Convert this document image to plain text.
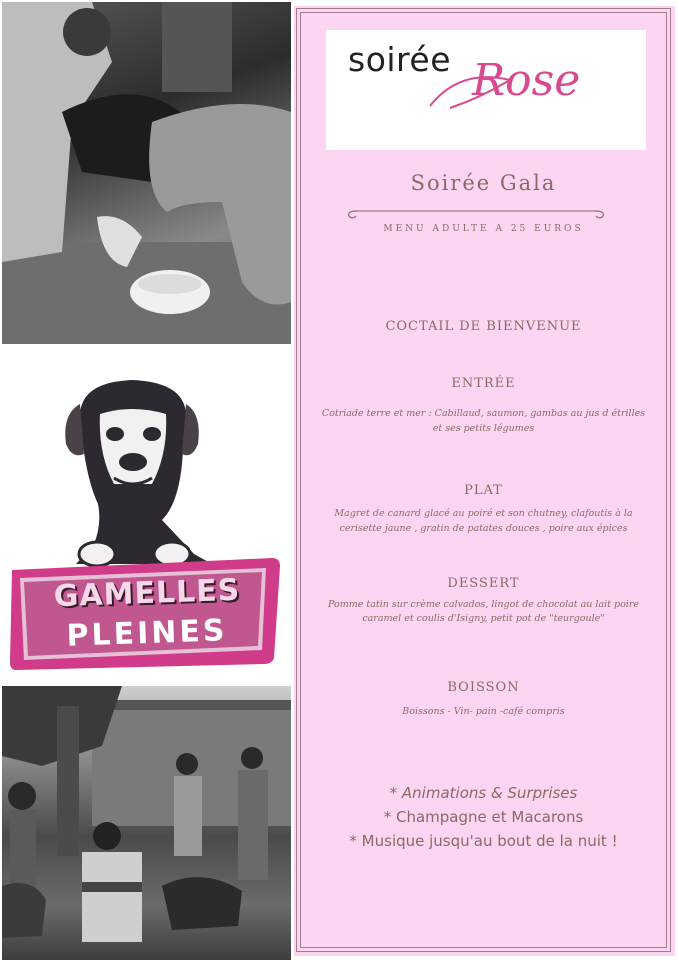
GAMELLES
PLEINES
soirée Rose
Soirée Gala
MENU ADULTE A 25 EUROS
COCTAIL DE BIENVENUE
ENTRÉE
Cotriade terre et mer : Cabillaud, saumon, gambas au jus d étrilles
et ses petits légumes
PLAT
Magret de canard glacé au poiré et son chutney, clafoutis à la
cerisette jaune , gratin de patates douces , poire aux épices
DESSERT
Pomme tatin sur crème calvados, lingot de chocolat au lait poire
caramel et coulis d'Isigny, petit pot de "teurgoule"
BOISSON
Boissons - Vin- pain -café compris
* Animations & Surprises
* Champagne et Macarons
* Musique jusqu'au bout de la nuit !
